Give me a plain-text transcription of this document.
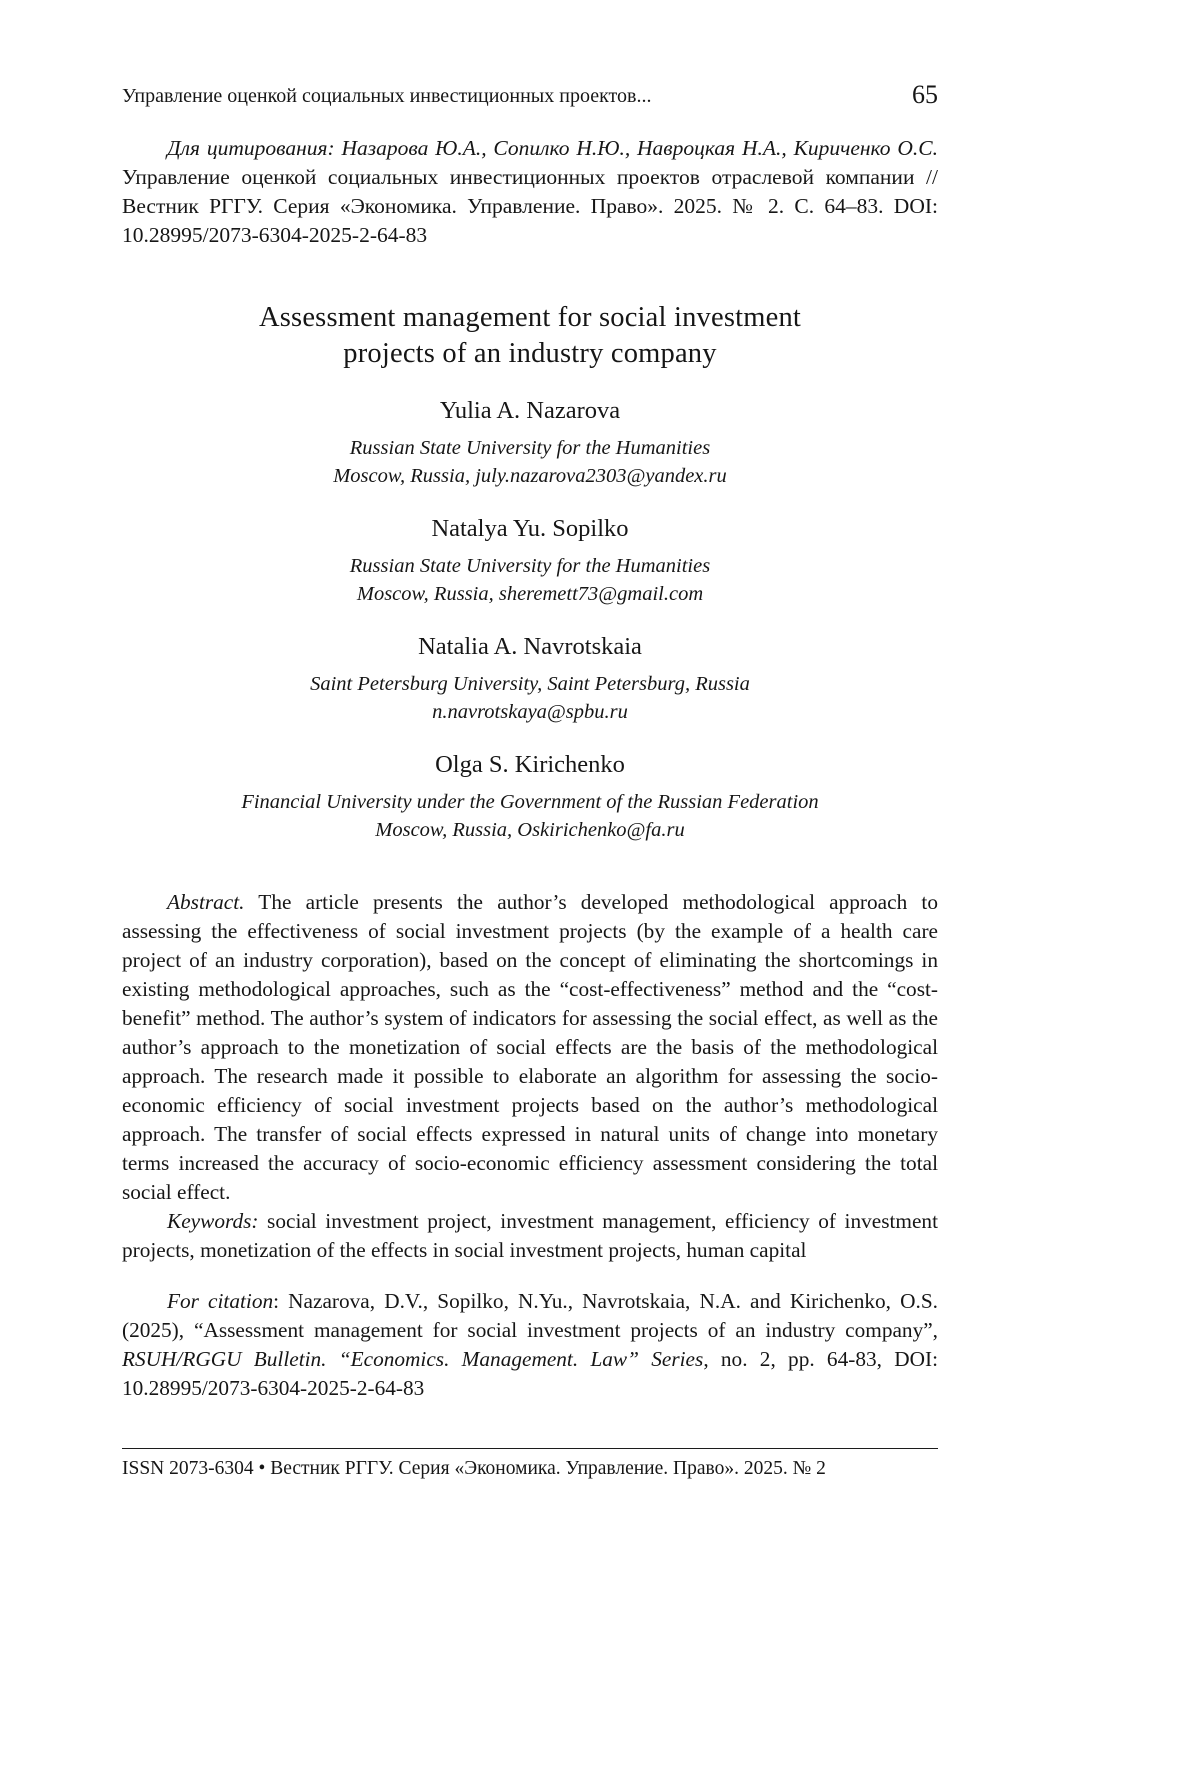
Управление оценкой социальных инвестиционных проектов...	65

Для цитирования: Назарова Ю.А., Сопилко Н.Ю., Навроцкая Н.А., Кириченко О.С. Управление оценкой социальных инвестиционных проектов отраслевой компании // Вестник РГГУ. Серия «Экономика. Управление. Право». 2025. № 2. С. 64–83. DOI: 10.28995/2073-6304-2025-2-64-83

Assessment management for social investment
projects of an industry company
Yulia A. Nazarova

Russian State University for the Humanities
Moscow, Russia, july.nazarova2303@yandex.ru

Natalya Yu. Sopilko

Russian State University for the Humanities
Moscow, Russia, sheremett73@gmail.com

Natalia A. Navrotskaia

Saint Petersburg University, Saint Petersburg, Russia
n.navrotskaya@spbu.ru

Olga S. Kirichenko

Financial University under the Government of the Russian Federation
Moscow, Russia, Oskirichenko@fa.ru

Abstract. The article presents the author’s developed methodological approach to assessing the effectiveness of social investment projects (by the example of a health care project of an industry corporation), based on the concept of eliminating the shortcomings in existing methodological approaches, such as the “cost-effectiveness” method and the “cost-benefit” method. The author’s system of indicators for assessing the social effect, as well as the author’s approach to the monetization of social effects are the basis of the methodological approach. The research made it possible to elaborate an algorithm for assessing the socio-economic efficiency of social investment projects based on the author’s methodological approach. The transfer of social effects expressed in natural units of change into monetary terms increased the accuracy of socio-economic efficiency assessment considering the total social effect.

Keywords: social investment project, investment management, efficiency of investment projects, monetization of the effects in social investment projects, human capital

For citation: Nazarova, D.V., Sopilko, N.Yu., Navrotskaia, N.A. and Kirichenko, O.S. (2025), “Assessment management for social investment projects of an industry company”, RSUH/RGGU Bulletin. “Economics. Management. Law” Series, no. 2, pp. 64-83, DOI: 10.28995/2073-6304-2025-2-64-83

ISSN 2073-6304 • Вестник РГГУ. Серия «Экономика. Управление. Право». 2025. № 2
